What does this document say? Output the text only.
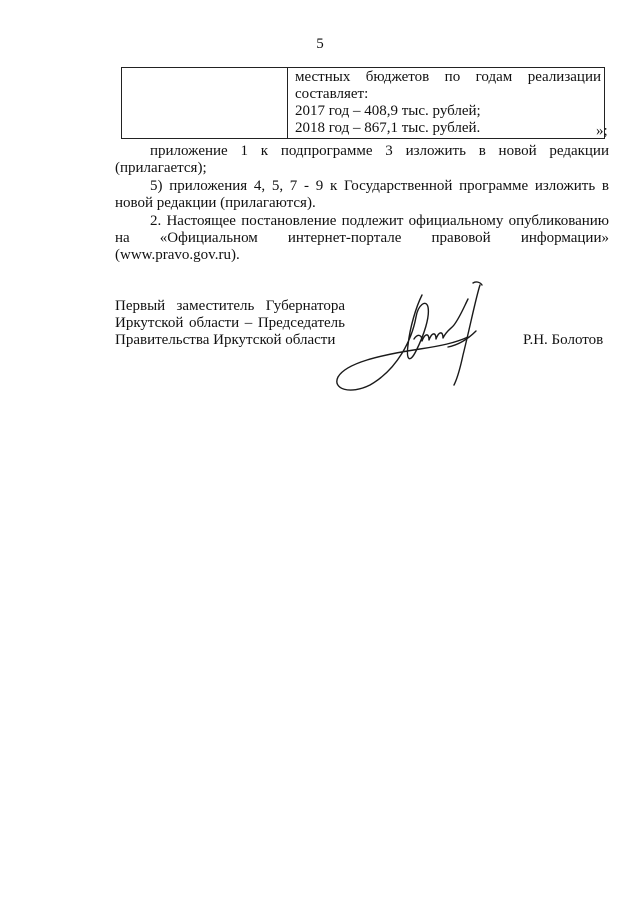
5

местных бюджетов по годам реализации
составляет:
2017 год – 408,9 тыс. рублей;
2018 год – 867,1 тыс. рублей.	»;
приложение 1 к подпрограмме 3 изложить в новой редакции
(прилагается);
5) приложения 4, 5, 7 - 9 к Государственной программе изложить в
новой редакции (прилагаются).
2. Настоящее постановление подлежит официальному опубликованию
на «Официальном интернет-портале правовой информации»
(www.pravo.gov.ru).
Первый заместитель Губернатора
Иркутской области – Председатель
Правительства Иркутской области	Р.Н. Болотов
